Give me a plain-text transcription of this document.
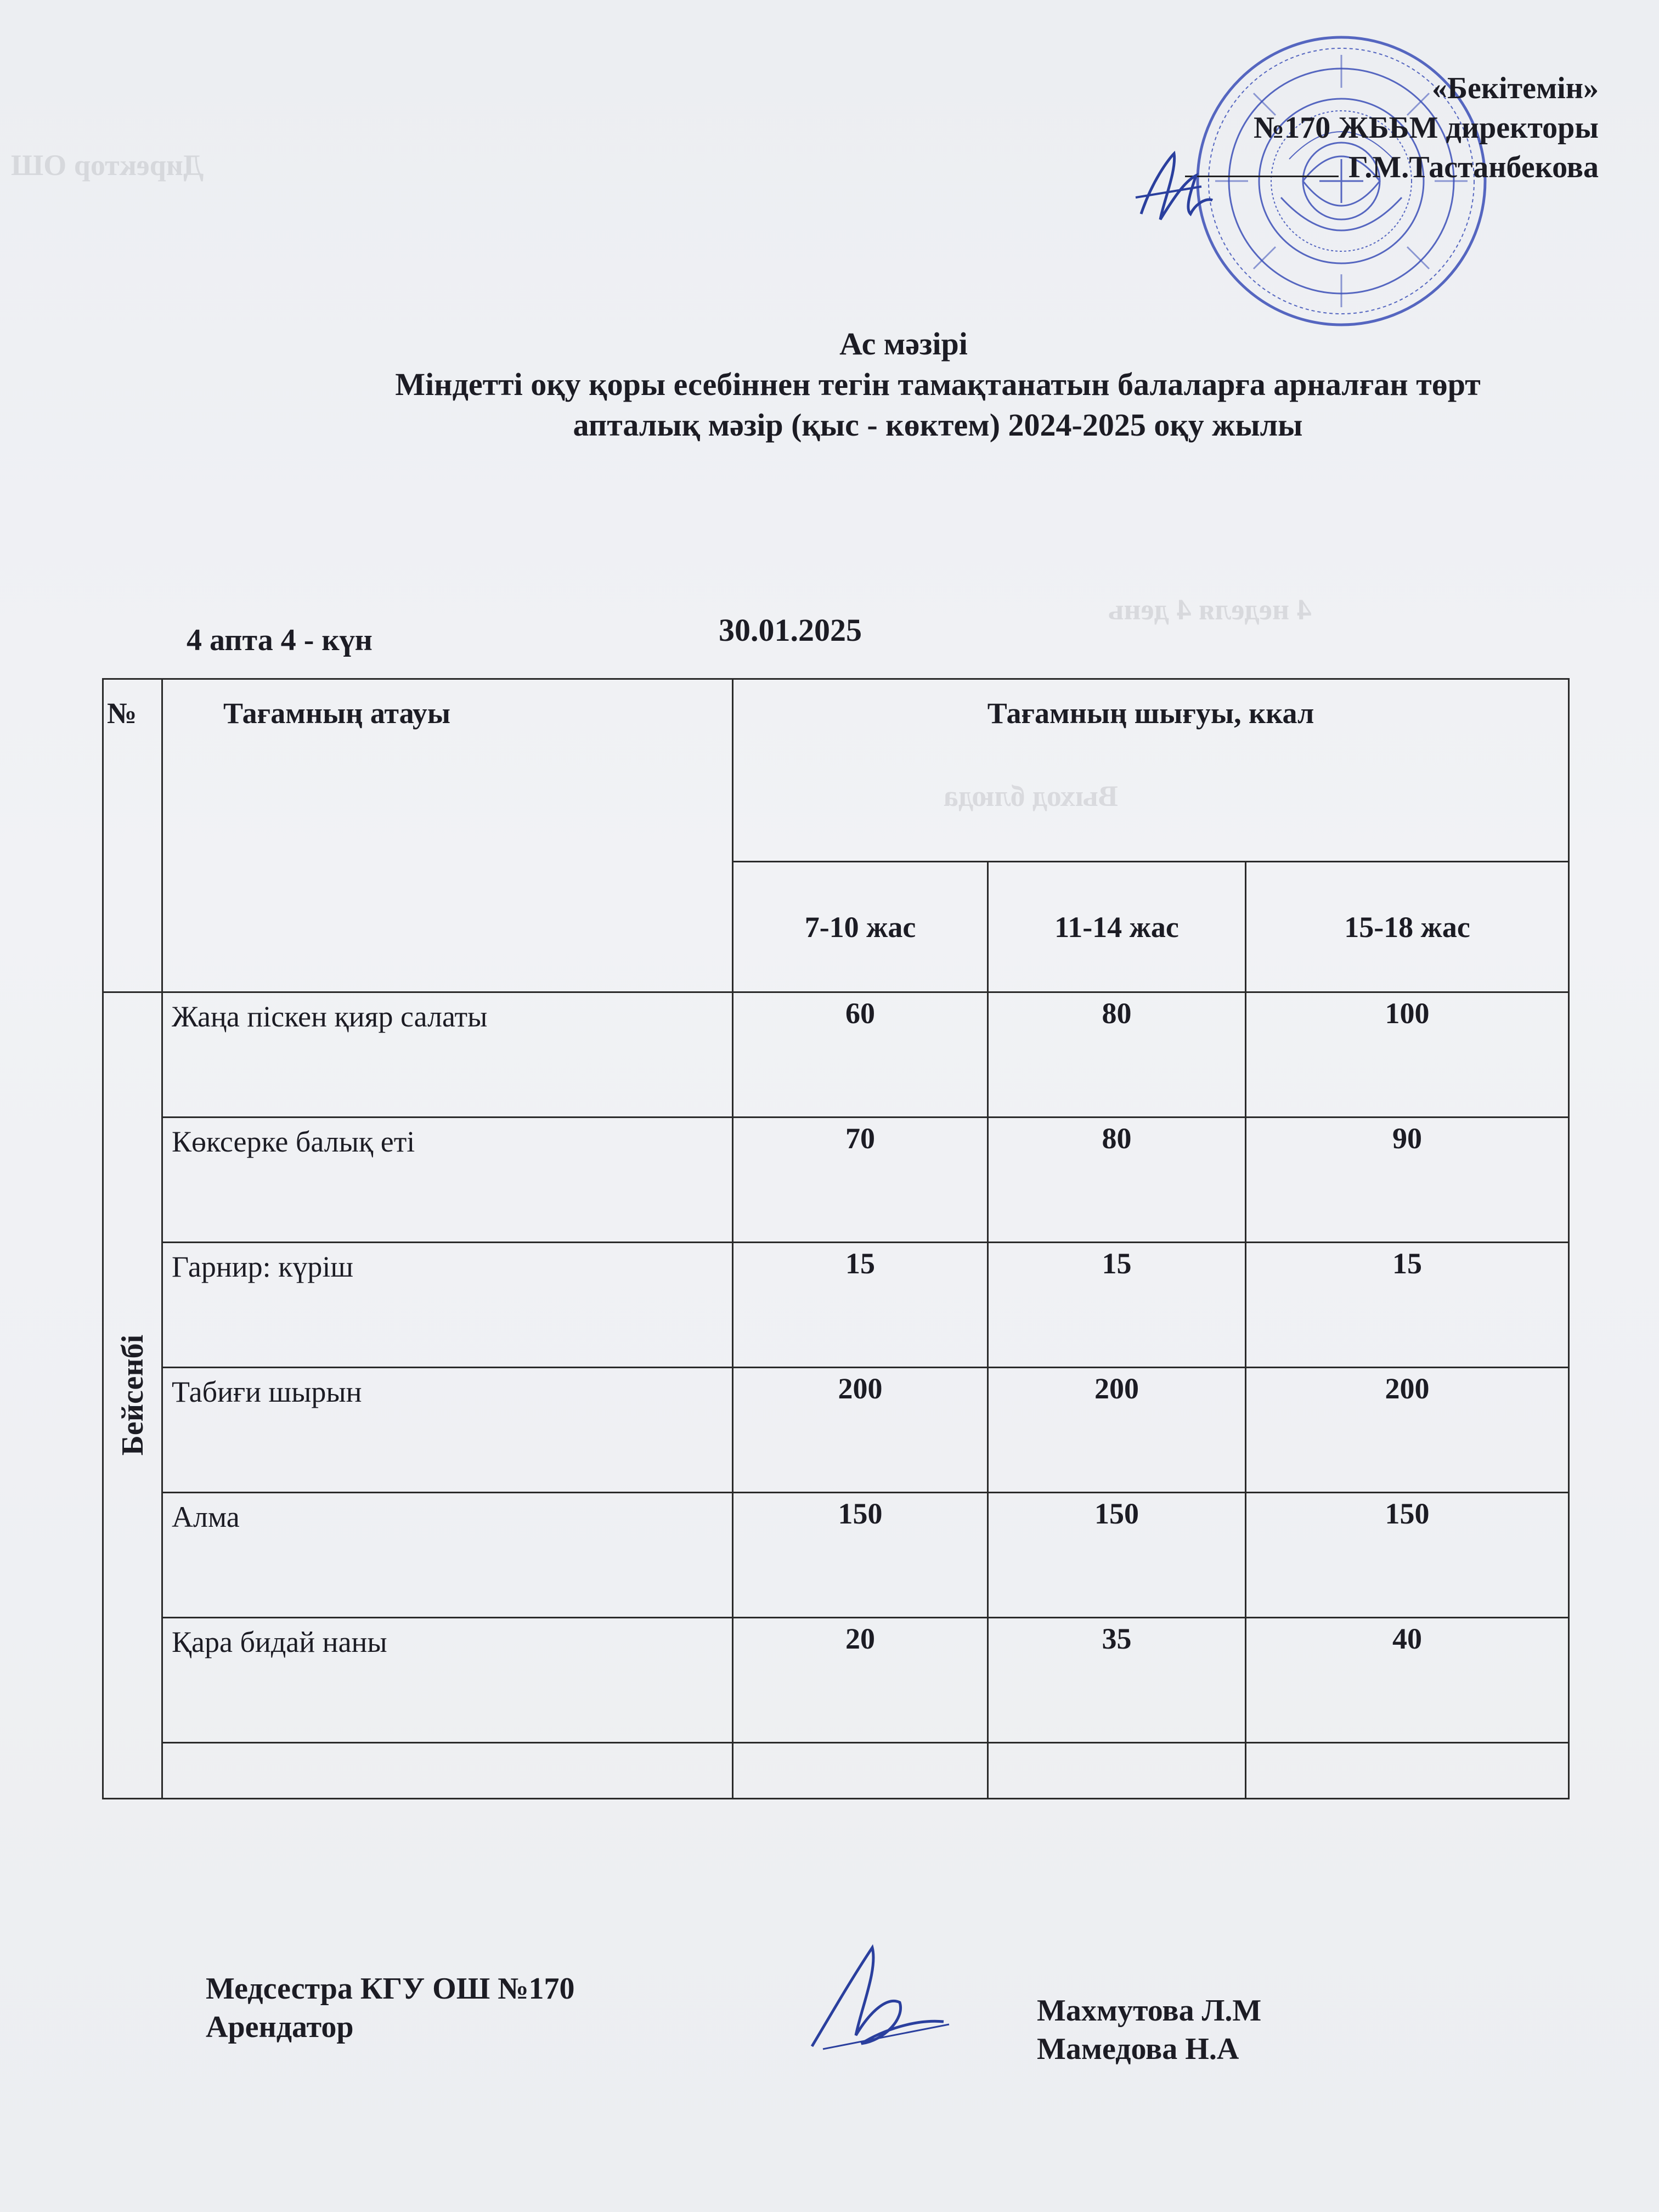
Директор ОШ
4 неделя 4 день
Выход блюда
«Бекітемін»
№170 ЖББМ директоры
Г.М.Тастанбекова
Ас мәзірі
Міндетті оқу қоры есебіннен тегін тамақтанатын балаларға арналған төрт
апталық мәзір (қыс - көктем) 2024-2025 оқу жылы
4 апта 4 - күн	30.01.2025
№	Тағамның атауы	Тағамның шығуы, ккал		
		7-10 жас	11-14 жас	15-18 жас

Бейсенбі	Жаңа піскен қияр салаты	60	80	100
	Көксерке балық еті	70	80	90
	Гарнир: күріш	15	15	15
	Табиғи шырын	200	200	200
	Алма	150	150	150
	Қара бидай наны	20	35	40

Медсестра КГУ ОШ №170
Арендатор	Махмутова Л.М
Мамедова Н.А
